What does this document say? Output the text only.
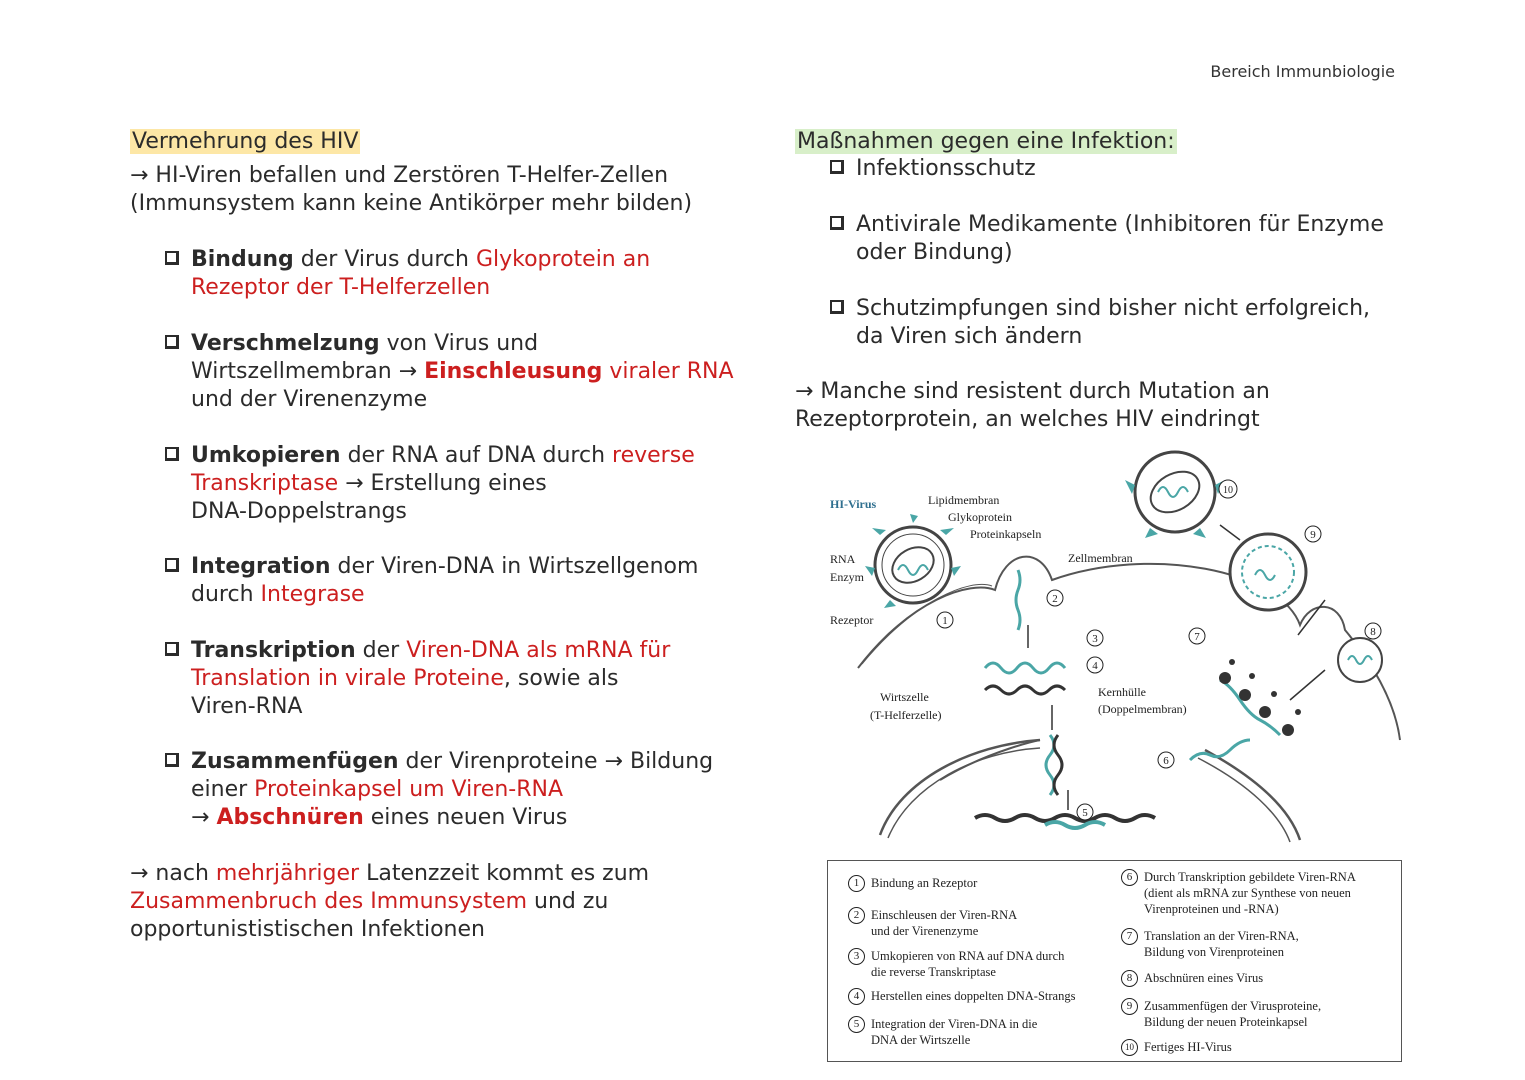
Bereich Immunbiologie
Vermehrung des HIV
→ HI-Viren befallen und Zerstören T-Helfer-Zellen
(Immunsystem kann keine Antikörper mehr bilden)
Bindung der Virus durch Glykoprotein an
Rezeptor der T-Helferzellen
Verschmelzung von Virus und
Wirtszellmembran → Einschleusung viraler RNA
und der Virenenzyme
Umkopieren der RNA auf DNA durch reverse
Transkriptase → Erstellung eines
DNA-Doppelstrangs
Integration der Viren-DNA in Wirtszellgenom
durch Integrase
Transkription der Viren-DNA als mRNA für
Translation in virale Proteine, sowie als
Viren-RNA
Zusammenfügen der Virenproteine → Bildung
einer Proteinkapsel um Viren-RNA
→ Abschnüren eines neuen Virus
→ nach mehrjähriger Latenzzeit kommt es zum
Zusammenbruch des Immunsystem und zu
opportunististischen Infektionen
Maßnahmen gegen eine Infektion:
Infektionsschutz
Antivirale Medikamente (Inhibitoren für Enzyme
oder Bindung)
Schutzimpfungen sind bisher nicht erfolgreich,
da Viren sich ändern
→ Manche sind resistent durch Mutation an
Rezeptorprotein, an welches HIV eindringt
HI-Virus	Lipidmembran
Glykoprotein
Proteinkapseln
RNA
Enzym
Rezeptor
Zellmembran
Wirtszelle
(T-Helferzelle)
Kernhülle
(Doppelmembran)
1
2
3
4
5
6
7	8
9
10
1 Bindung an Rezeptor
2 Einschleusen der Viren-RNA
und der Virenenzyme
3 Umkopieren von RNA auf DNA durch
die reverse Transkriptase
4 Herstellen eines doppelten DNA-Strangs
5 Integration der Viren-DNA in die
DNA der Wirtszelle
6 Durch Transkription gebildete Viren-RNA
(dient als mRNA zur Synthese von neuen
Virenproteinen und -RNA)
7 Translation an der Viren-RNA,
Bildung von Virenproteinen
8 Abschnüren eines Virus
9 Zusammenfügen der Virusproteine,
Bildung der neuen Proteinkapsel
10 Fertiges HI-Virus
